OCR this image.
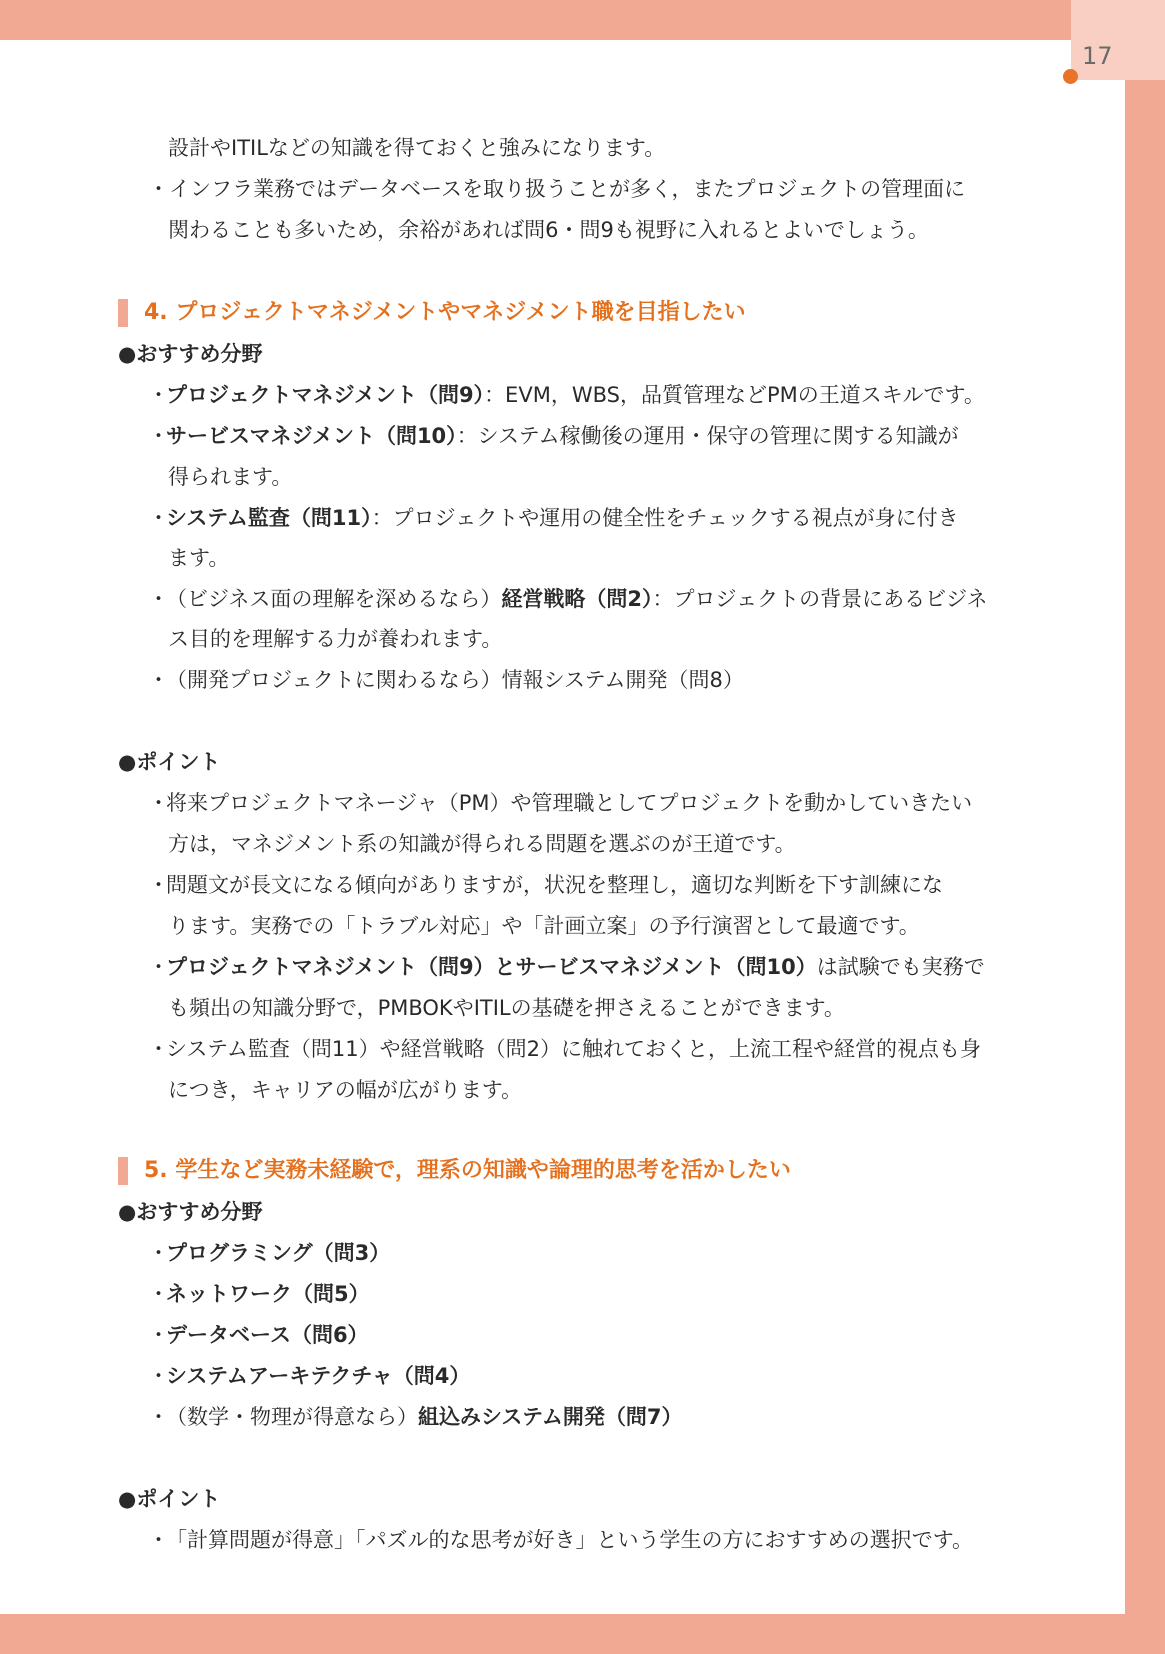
17
設計やITILなどの知識を得ておくと強みになります。
・インフラ業務ではデータベースを取り扱うことが多く，またプロジェクトの管理面に
関わることも多いため，余裕があれば問6・問9も視野に入れるとよいでしょう。
4. プロジェクトマネジメントやマネジメント職を目指したい
●おすすめ分野
・プロジェクトマネジメント（問9）：EVM，WBS，品質管理などPMの王道スキルです。
・サービスマネジメント（問10）：システム稼働後の運用・保守の管理に関する知識が
得られます。
・システム監査（問11）：プロジェクトや運用の健全性をチェックする視点が身に付き
ます。
・（ビジネス面の理解を深めるなら）経営戦略（問2）：プロジェクトの背景にあるビジネ
ス目的を理解する力が養われます。
・（開発プロジェクトに関わるなら）情報システム開発（問8）
●ポイント
・将来プロジェクトマネージャ（PM）や管理職としてプロジェクトを動かしていきたい
方は，マネジメント系の知識が得られる問題を選ぶのが王道です。
・問題文が長文になる傾向がありますが，状況を整理し，適切な判断を下す訓練にな
ります。実務での「トラブル対応」や「計画立案」の予行演習として最適です。
・プロジェクトマネジメント（問9）とサービスマネジメント（問10）は試験でも実務で
も頻出の知識分野で，PMBOKやITILの基礎を押さえることができます。
・システム監査（問11）や経営戦略（問2）に触れておくと，上流工程や経営的視点も身
につき，キャリアの幅が広がります。
5. 学生など実務未経験で，理系の知識や論理的思考を活かしたい
●おすすめ分野
・プログラミング（問3）
・ネットワーク（問5）
・データベース（問6）
・システムアーキテクチャ（問4）
・（数学・物理が得意なら）組込みシステム開発（問7）
●ポイント
・「計算問題が得意」「パズル的な思考が好き」という学生の方におすすめの選択です。
